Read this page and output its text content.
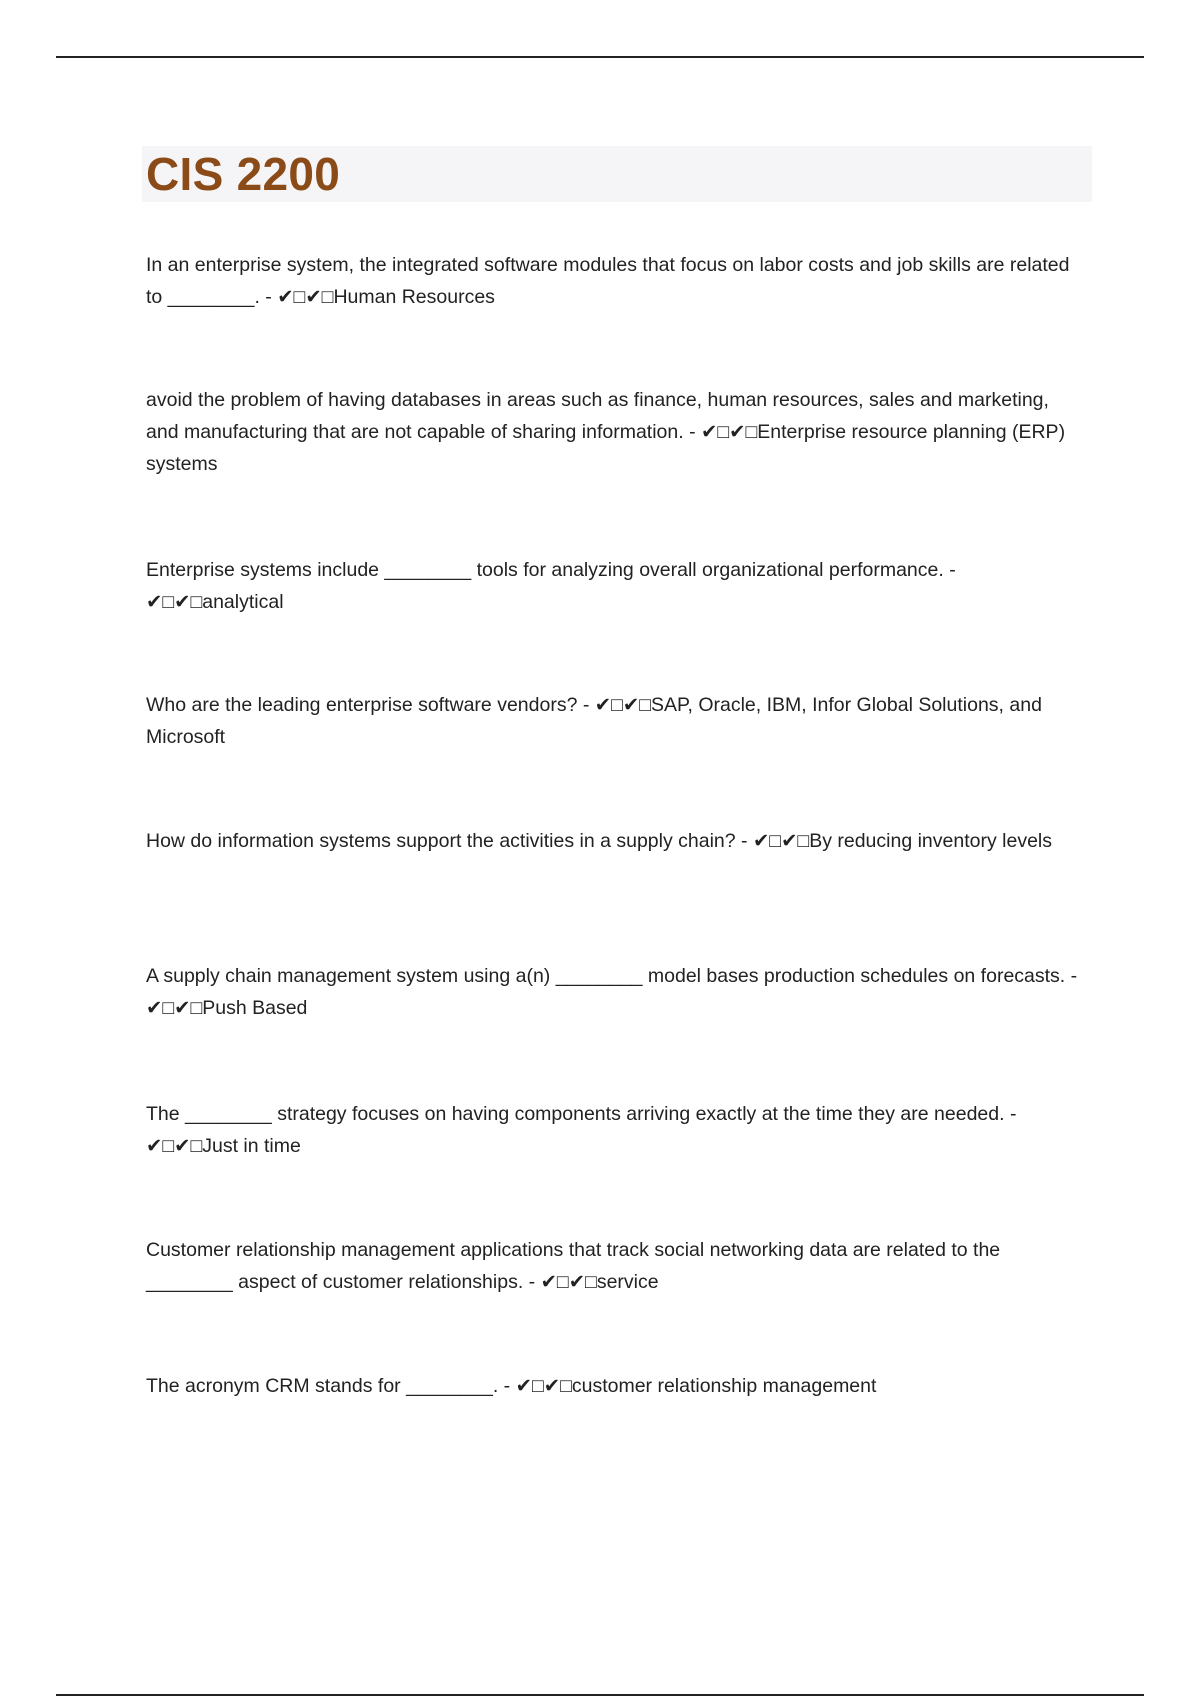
CIS 2200

In an enterprise system, the integrated software modules that focus on labor costs and job skills are related to ________. - ✔□✔□Human Resources

avoid the problem of having databases in areas such as finance, human resources, sales and marketing, and manufacturing that are not capable of sharing information. - ✔□✔□Enterprise resource planning (ERP) systems

Enterprise systems include ________ tools for analyzing overall organizational performance. - ✔□✔□analytical

Who are the leading enterprise software vendors? - ✔□✔□SAP, Oracle, IBM, Infor Global Solutions, and Microsoft

How do information systems support the activities in a supply chain? - ✔□✔□By reducing inventory levels

A supply chain management system using a(n) ________ model bases production schedules on forecasts. - ✔□✔□Push Based

The ________ strategy focuses on having components arriving exactly at the time they are needed. - ✔□✔□Just in time

Customer relationship management applications that track social networking data are related to the ________ aspect of customer relationships. - ✔□✔□service

The acronym CRM stands for ________. - ✔□✔□customer relationship management
